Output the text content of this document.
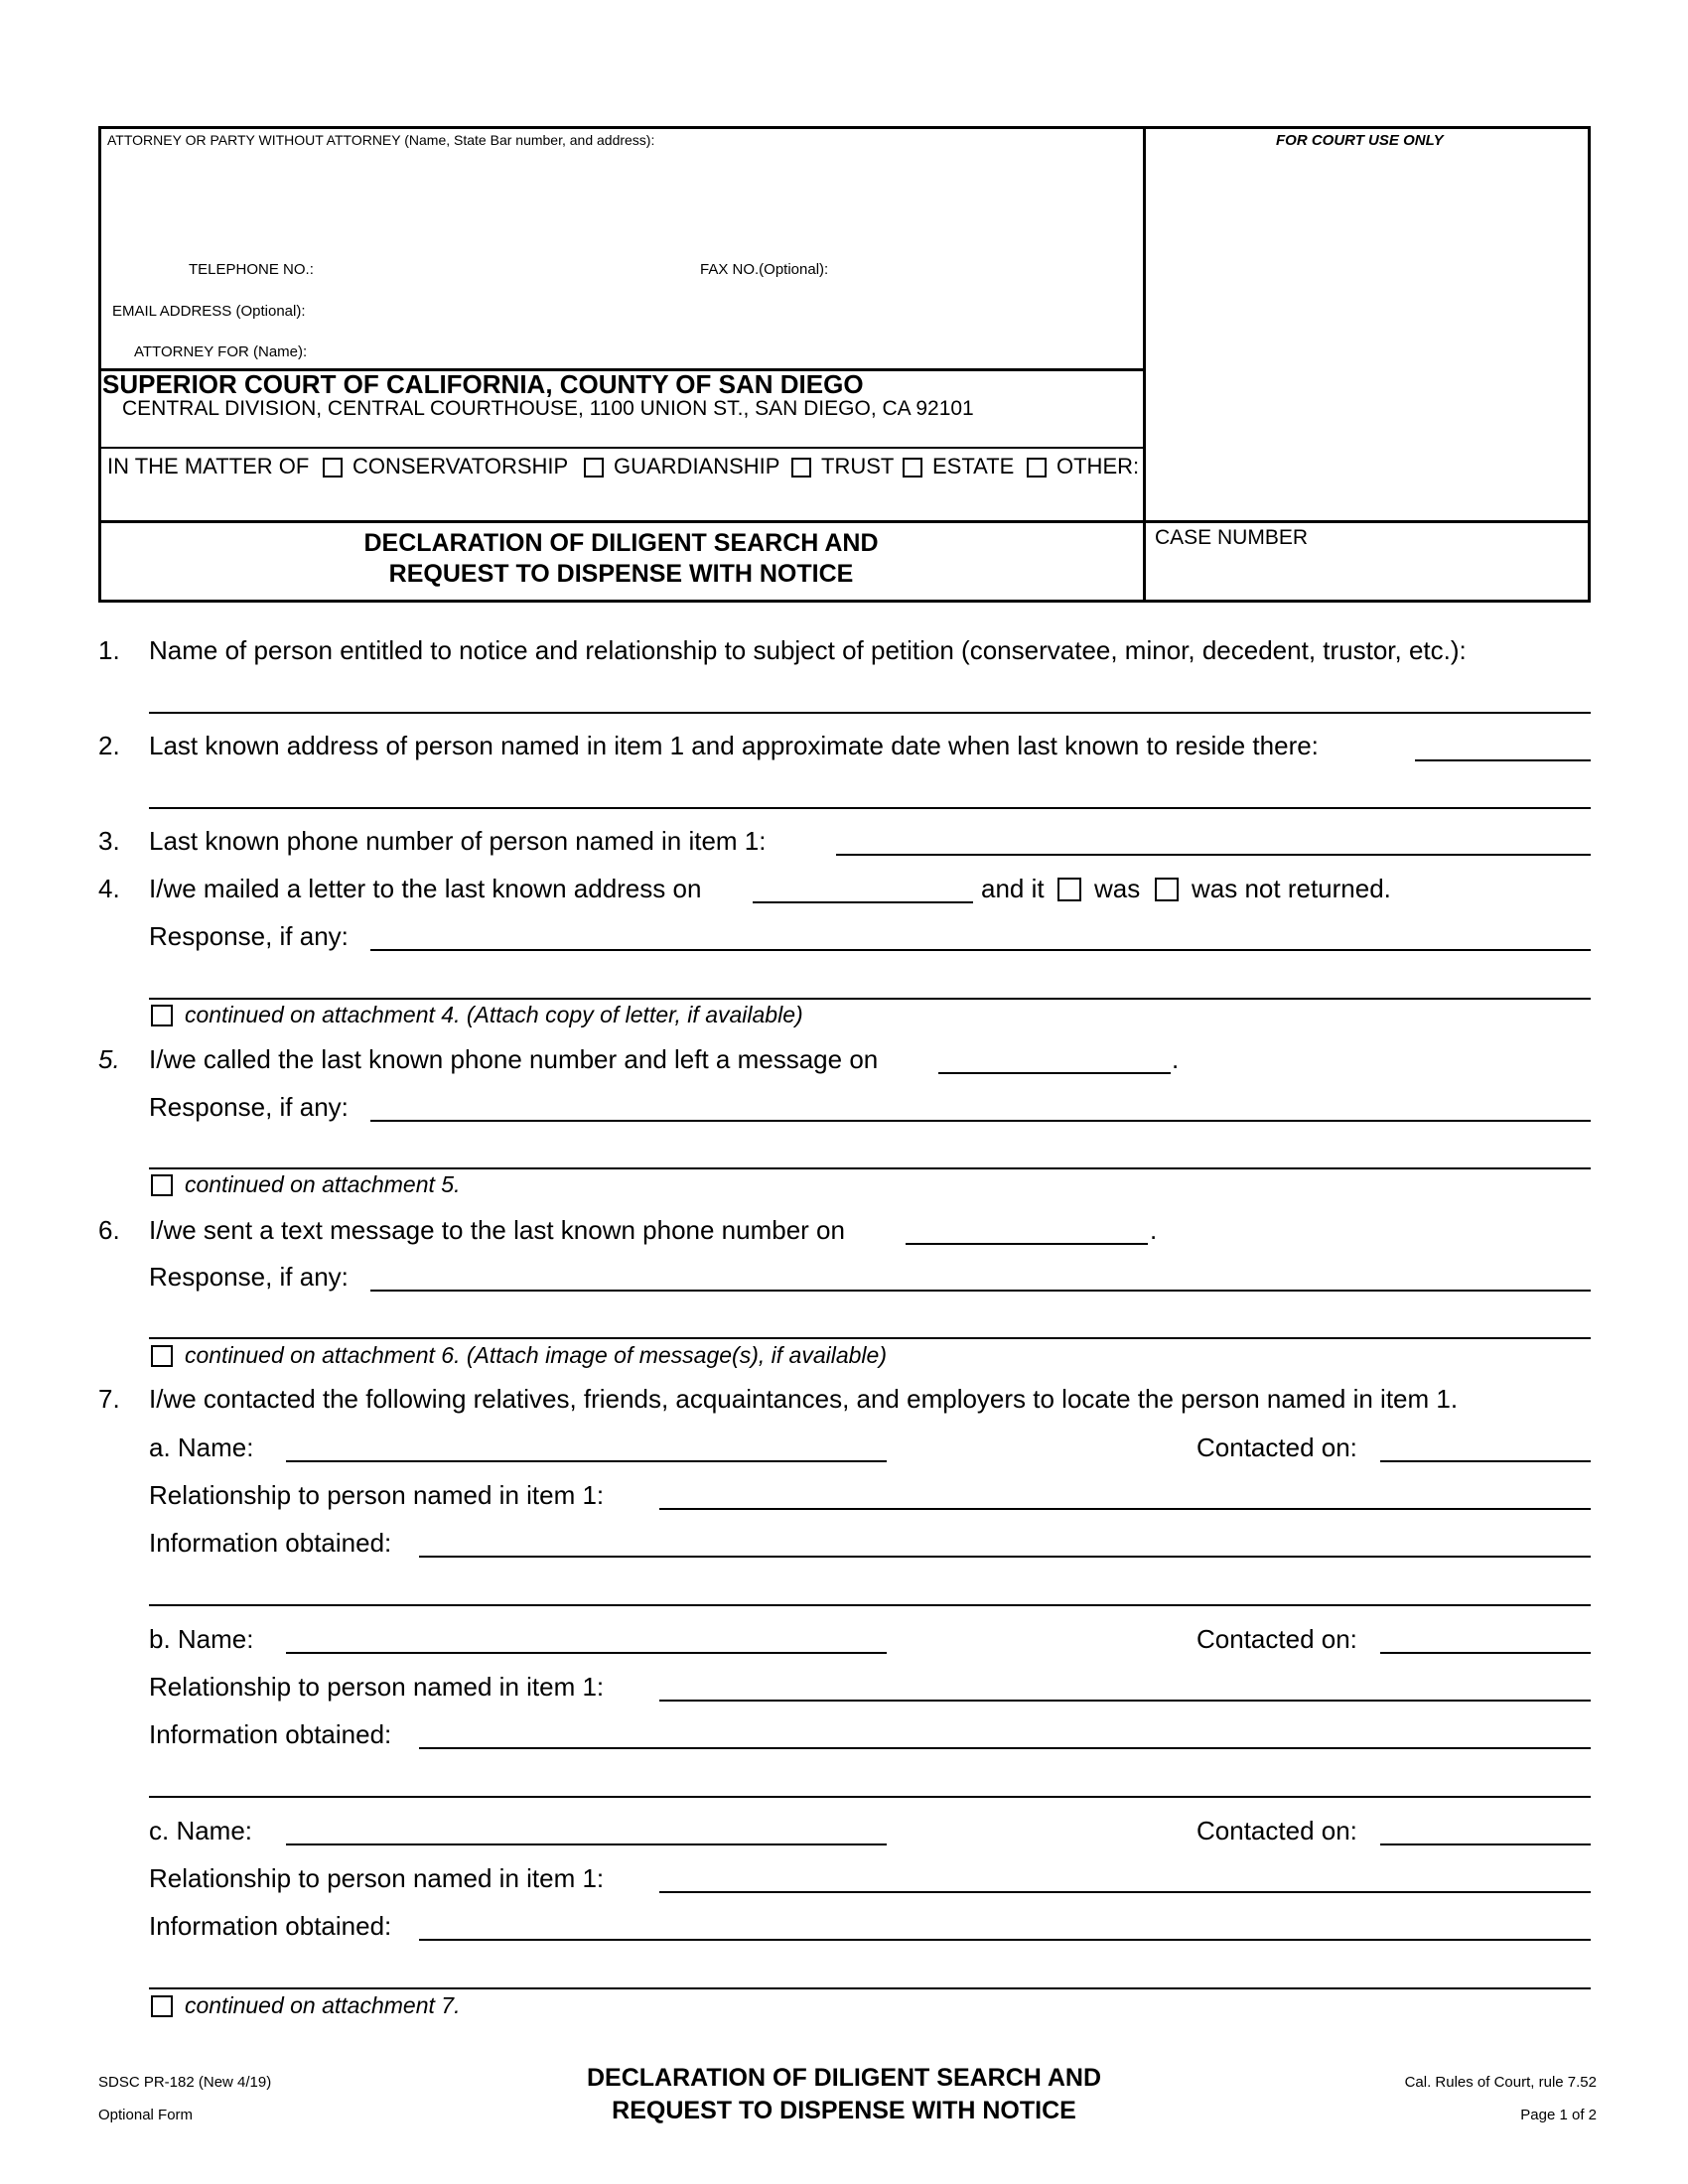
ATTORNEY OR PARTY WITHOUT ATTORNEY (Name, State Bar number, and address):	FOR COURT USE ONLY
TELEPHONE NO.:	FAX NO.(Optional):
EMAIL ADDRESS (Optional):
ATTORNEY FOR (Name):
SUPERIOR COURT OF CALIFORNIA, COUNTY OF SAN DIEGO
CENTRAL DIVISION, CENTRAL COURTHOUSE, 1100 UNION ST., SAN DIEGO, CA 92101
IN THE MATTER OF CONSERVATORSHIP GUARDIANSHIP TRUST ESTATE OTHER:
DECLARATION OF DILIGENT SEARCH AND
REQUEST TO DISPENSE WITH NOTICE
CASE NUMBER
1. Name of person entitled to notice and relationship to subject of petition (conservatee, minor, decedent, trustor, etc.):
2. Last known address of person named in item 1 and approximate date when last known to reside there:
3. Last known phone number of person named in item 1:
4. I/we mailed a letter to the last known address on	and it was was not returned.
Response, if any:
continued on attachment 4. (Attach copy of letter, if available)
5. I/we called the last known phone number and left a message on	.
Response, if any:
continued on attachment 5.
6. I/we sent a text message to the last known phone number on	.
Response, if any:
continued on attachment 6. (Attach image of message(s), if available)
7. I/we contacted the following relatives, friends, acquaintances, and employers to locate the person named in item 1.
a. Name:	Contacted on:
Relationship to person named in item 1:
Information obtained:
b. Name:	Contacted on:
Relationship to person named in item 1:
Information obtained:
c. Name:	Contacted on:
Relationship to person named in item 1:
Information obtained:
continued on attachment 7.
SDSC PR-182 (New 4/19)
Optional Form
DECLARATION OF DILIGENT SEARCH AND
REQUEST TO DISPENSE WITH NOTICE
Cal. Rules of Court, rule 7.52
Page 1 of 2
